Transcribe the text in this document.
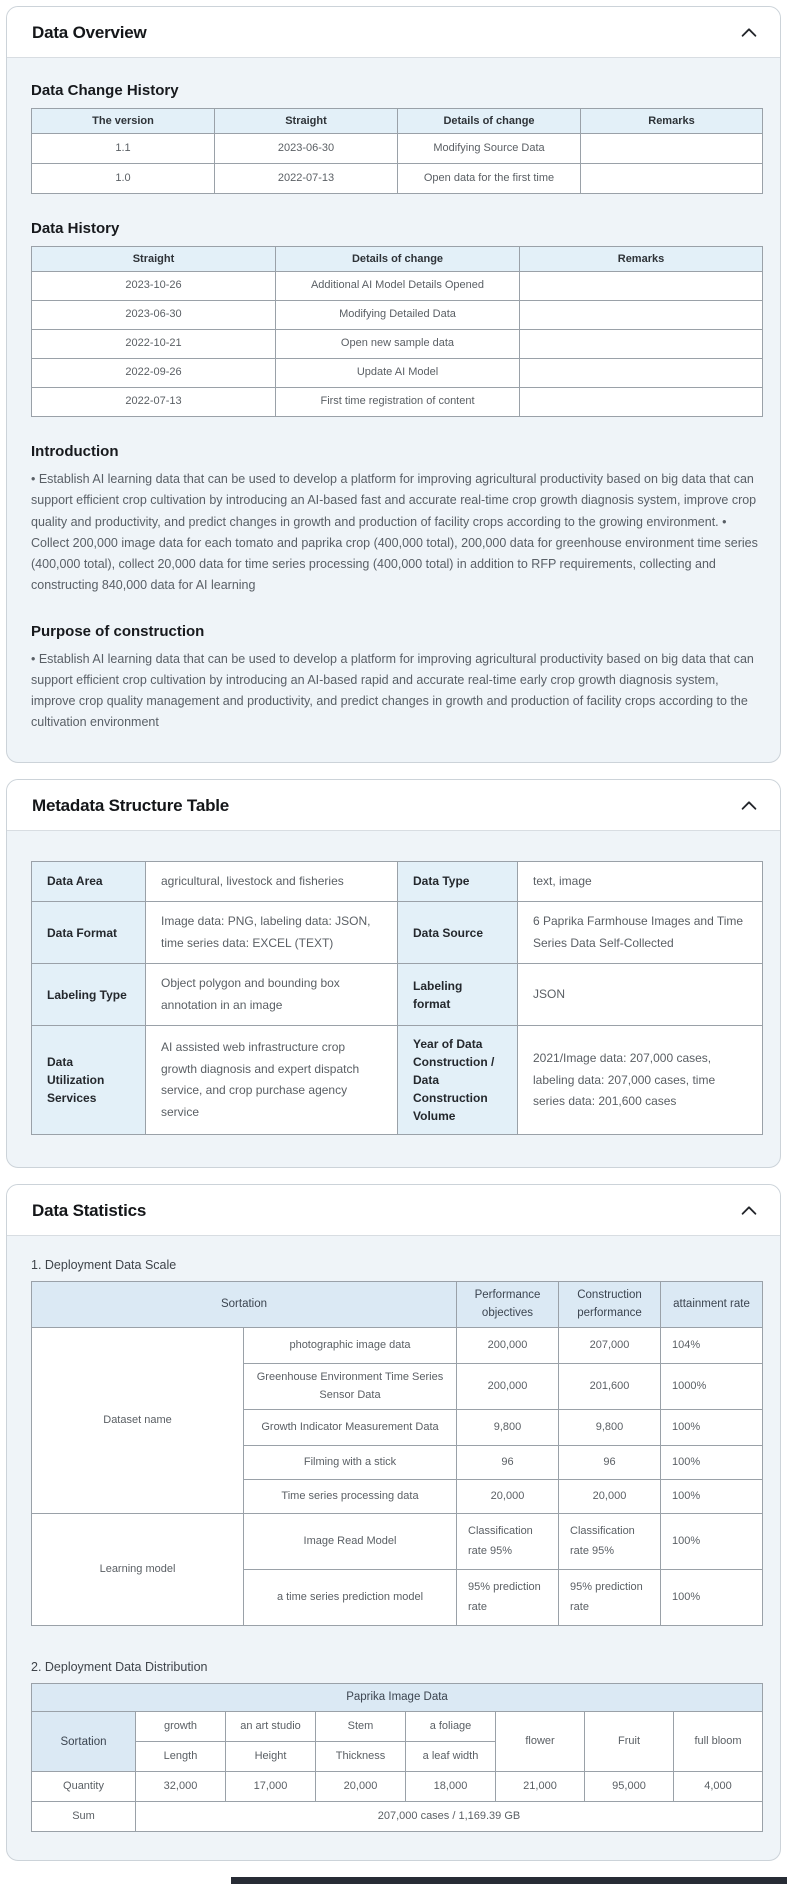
Data Overview
Data Change History
The version	Straight	Details of change	Remarks
1.1	2023-06-30	Modifying Source Data	
1.0	2022-07-13	Open data for the first time	
Data History
Straight	Details of change	Remarks
2023-10-26	Additional AI Model Details Opened	
2023-06-30	Modifying Detailed Data	
2022-10-21	Open new sample data	
2022-09-26	Update AI Model	
2022-07-13	First time registration of content	
Introduction

• Establish AI learning data that can be used to develop a platform for improving agricultural productivity based on big data that can support efficient crop cultivation by introducing an AI-based fast and accurate real-time crop growth diagnosis system, improve crop quality and productivity, and predict changes in growth and production of facility crops according to the growing environment. • Collect 200,000 image data for each tomato and paprika crop (400,000 total), 200,000 data for greenhouse environment time series (400,000 total), collect 20,000 data for time series processing (400,000 total) in addition to RFP requirements, collecting and constructing 840,000 data for AI learning

Purpose of construction

• Establish AI learning data that can be used to develop a platform for improving agricultural productivity based on big data that can support efficient crop cultivation by introducing an AI-based rapid and accurate real-time early crop growth diagnosis system, improve crop quality management and productivity, and predict changes in growth and production of facility crops according to the cultivation environment

Metadata Structure Table
Data Area	agricultural, livestock and fisheries	Data Type	text, image
Data Format	Image data: PNG, labeling data: JSON, time series data: EXCEL (TEXT)	Data Source	6 Paprika Farmhouse Images and Time Series Data Self-Collected
Labeling Type	Object polygon and bounding box annotation in an image	Labeling format	JSON
Data Utilization Services	AI assisted web infrastructure crop growth diagnosis and expert dispatch service, and crop purchase agency service	Year of Data Construction / Data Construction Volume	2021/Image data: 207,000 cases, labeling data: 207,000 cases, time series data: 201,600 cases
Data Statistics
1. Deployment Data Scale
Sortation		Performance objectives	Construction performance	attainment rate
Dataset name	photographic image data	200,000	207,000	104%
	Greenhouse Environment Time Series Sensor Data	200,000	201,600	1000%
	Growth Indicator Measurement Data	9,800	9,800	100%
	Filming with a stick	96	96	100%
	Time series processing data	20,000	20,000	100%
Learning model	Image Read Model	Classification rate 95%	Classification rate 95%	100%
	a time series prediction model	95% prediction rate	95% prediction rate	100%
2. Deployment Data Distribution
Paprika Image Data							
Sortation	growth	an art studio	Stem	a foliage	flower	Fruit	full bloom
	Length	Height	Thickness	a leaf width			
Quantity	32,000	17,000	20,000	18,000	21,000	95,000	4,000
Sum	207,000 cases / 1,169.39 GB						
